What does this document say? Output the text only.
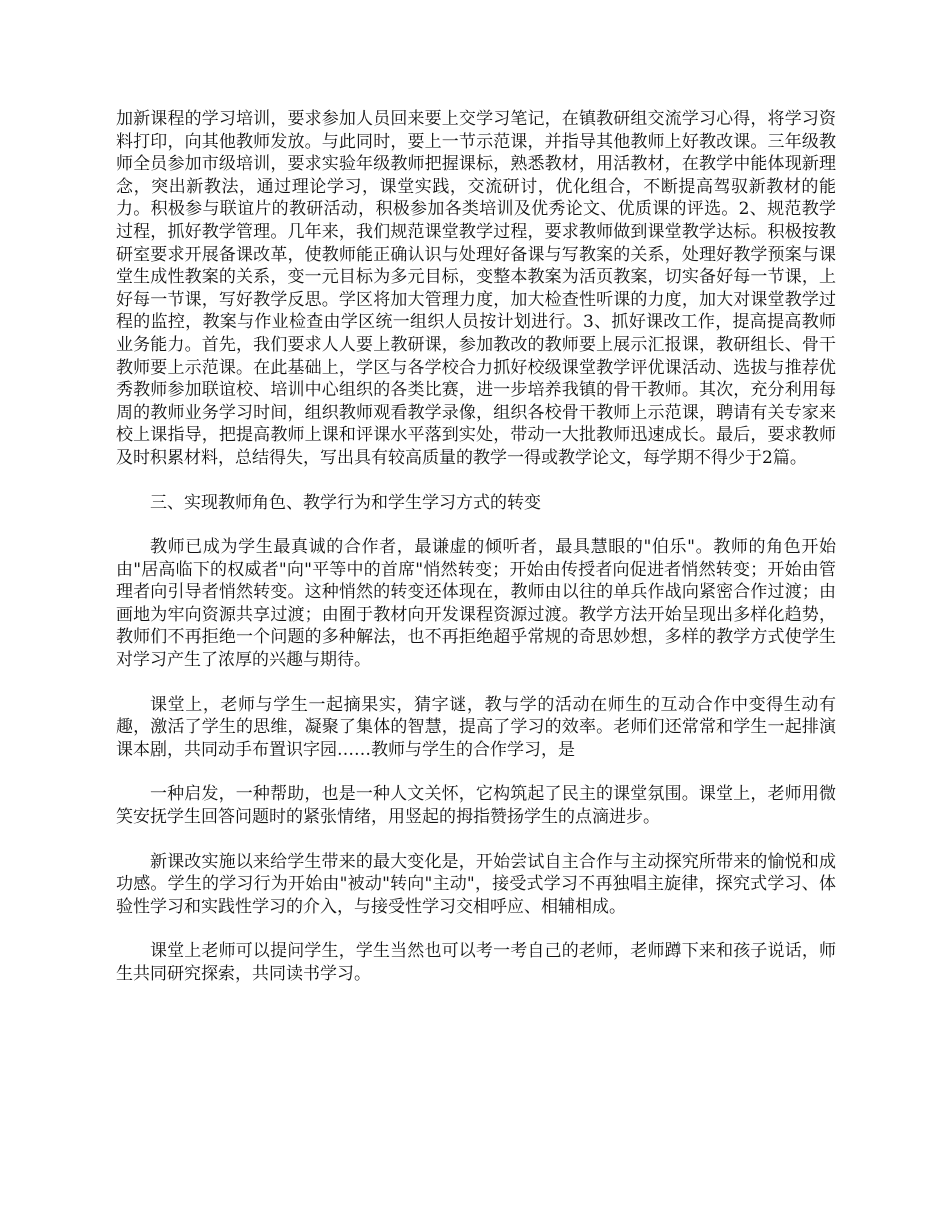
加新课程的学习培训，要求参加人员回来要上交学习笔记，在镇教研组交流学习心得，将学习资料打印，向其他教师发放。与此同时，要上一节示范课，并指导其他教师上好教改课。三年级教师全员参加市级培训，要求实验年级教师把握课标，熟悉教材，用活教材，在教学中能体现新理念，突出新教法，通过理论学习，课堂实践，交流研讨，优化组合，不断提高驾驭新教材的能力。积极参与联谊片的教研活动，积极参加各类培训及优秀论文、优质课的评选。2、规范教学过程，抓好教学管理。几年来，我们规范课堂教学过程，要求教师做到课堂教学达标。积极按教研室要求开展备课改革，使教师能正确认识与处理好备课与写教案的关系，处理好教学预案与课堂生成性教案的关系，变一元目标为多元目标，变整本教案为活页教案，切实备好每一节课，上好每一节课，写好教学反思。学区将加大管理力度，加大检查性听课的力度，加大对课堂教学过程的监控，教案与作业检查由学区统一组织人员按计划进行。3、抓好课改工作，提高提高教师业务能力。首先，我们要求人人要上教研课，参加教改的教师要上展示汇报课，教研组长、骨干教师要上示范课。在此基础上，学区与各学校合力抓好校级课堂教学评优课活动、选拔与推荐优秀教师参加联谊校、培训中心组织的各类比赛，进一步培养我镇的骨干教师。其次，充分利用每周的教师业务学习时间，组织教师观看教学录像，组织各校骨干教师上示范课，聘请有关专家来校上课指导，把提高教师上课和评课水平落到实处，带动一大批教师迅速成长。最后，要求教师及时积累材料，总结得失，写出具有较高质量的教学一得或教学论文，每学期不得少于2篇。

三、实现教师角色、教学行为和学生学习方式的转变

教师已成为学生最真诚的合作者，最谦虚的倾听者，最具慧眼的"伯乐"。教师的角色开始由"居高临下的权威者"向"平等中的首席"悄然转变；开始由传授者向促进者悄然转变；开始由管理者向引导者悄然转变。这种悄然的转变还体现在，教师由以往的单兵作战向紧密合作过渡；由画地为牢向资源共享过渡；由囿于教材向开发课程资源过渡。教学方法开始呈现出多样化趋势，教师们不再拒绝一个问题的多种解法，也不再拒绝超乎常规的奇思妙想，多样的教学方式使学生对学习产生了浓厚的兴趣与期待。

课堂上，老师与学生一起摘果实，猜字谜，教与学的活动在师生的互动合作中变得生动有趣，激活了学生的思维，凝聚了集体的智慧，提高了学习的效率。老师们还常常和学生一起排演课本剧，共同动手布置识字园……教师与学生的合作学习，是

一种启发，一种帮助，也是一种人文关怀，它构筑起了民主的课堂氛围。课堂上，老师用微笑安抚学生回答问题时的紧张情绪，用竖起的拇指赞扬学生的点滴进步。

新课改实施以来给学生带来的最大变化是，开始尝试自主合作与主动探究所带来的愉悦和成功感。学生的学习行为开始由"被动"转向"主动"，接受式学习不再独唱主旋律，探究式学习、体验性学习和实践性学习的介入，与接受性学习交相呼应、相辅相成。

课堂上老师可以提问学生，学生当然也可以考一考自己的老师，老师蹲下来和孩子说话，师生共同研究探索，共同读书学习。
